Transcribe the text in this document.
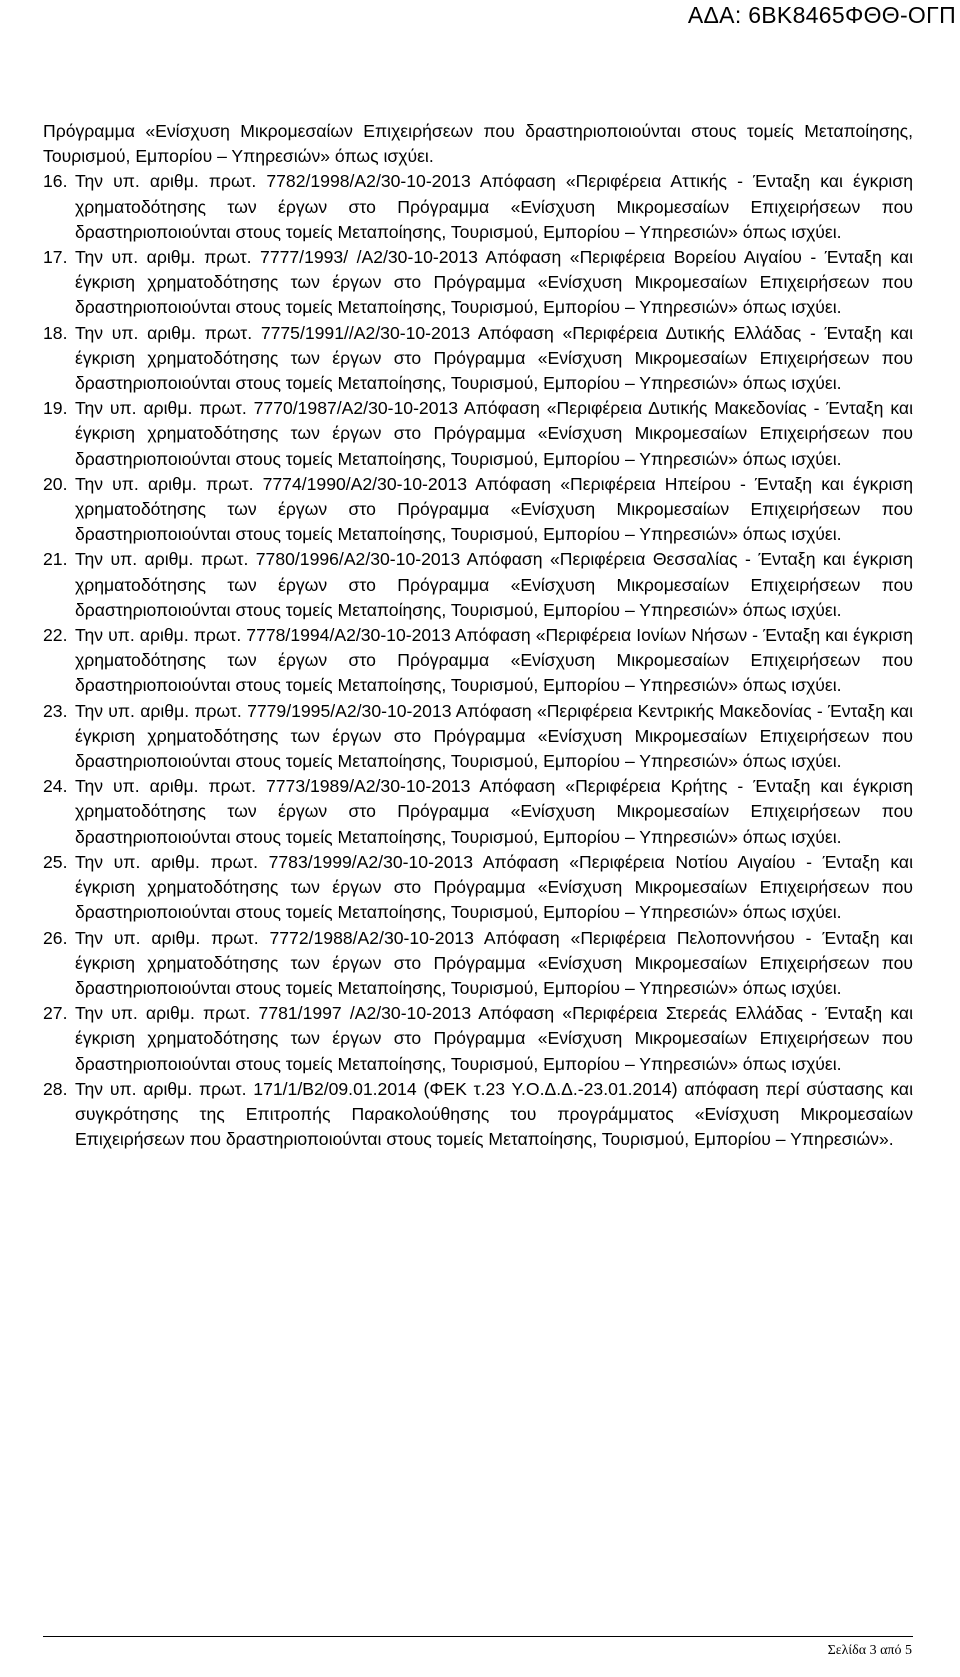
ΑΔΑ: 6ΒΚ8465ΦΘΘ-ΟΓΠ

Πρόγραμμα «Ενίσχυση Μικρομεσαίων Επιχειρήσεων που δραστηριοποιούνται στους τομείς Μεταποίησης, Τουρισμού, Εμπορίου – Υπηρεσιών» όπως ισχύει.

16. Την υπ. αριθμ. πρωτ. 7782/1998/Α2/30-10-2013 Απόφαση «Περιφέρεια Αττικής - Ένταξη και έγκριση χρηματοδότησης των έργων στο Πρόγραμμα «Ενίσχυση Μικρομεσαίων Επιχειρήσεων που δραστηριοποιούνται στους τομείς Μεταποίησης, Τουρισμού, Εμπορίου – Υπηρεσιών» όπως ισχύει.
17. Την υπ. αριθμ. πρωτ. 7777/1993/ /Α2/30-10-2013 Απόφαση «Περιφέρεια Βορείου Αιγαίου - Ένταξη και έγκριση χρηματοδότησης των έργων στο Πρόγραμμα «Ενίσχυση Μικρομεσαίων Επιχειρήσεων που δραστηριοποιούνται στους τομείς Μεταποίησης, Τουρισμού, Εμπορίου – Υπηρεσιών» όπως ισχύει.
18. Την υπ. αριθμ. πρωτ. 7775/1991//Α2/30-10-2013 Απόφαση «Περιφέρεια Δυτικής Ελλάδας - Ένταξη και έγκριση χρηματοδότησης των έργων στο Πρόγραμμα «Ενίσχυση Μικρομεσαίων Επιχειρήσεων που δραστηριοποιούνται στους τομείς Μεταποίησης, Τουρισμού, Εμπορίου – Υπηρεσιών» όπως ισχύει.
19. Την υπ. αριθμ. πρωτ. 7770/1987/Α2/30-10-2013 Απόφαση «Περιφέρεια Δυτικής Μακεδονίας - Ένταξη και έγκριση χρηματοδότησης των έργων στο Πρόγραμμα «Ενίσχυση Μικρομεσαίων Επιχειρήσεων που δραστηριοποιούνται στους τομείς Μεταποίησης, Τουρισμού, Εμπορίου – Υπηρεσιών» όπως ισχύει.
20. Την υπ. αριθμ. πρωτ. 7774/1990/Α2/30-10-2013 Απόφαση «Περιφέρεια Ηπείρου - Ένταξη και έγκριση χρηματοδότησης των έργων στο Πρόγραμμα «Ενίσχυση Μικρομεσαίων Επιχειρήσεων που δραστηριοποιούνται στους τομείς Μεταποίησης, Τουρισμού, Εμπορίου – Υπηρεσιών» όπως ισχύει.
21. Την υπ. αριθμ. πρωτ. 7780/1996/Α2/30-10-2013 Απόφαση «Περιφέρεια Θεσσαλίας - Ένταξη και έγκριση χρηματοδότησης των έργων στο Πρόγραμμα «Ενίσχυση Μικρομεσαίων Επιχειρήσεων που δραστηριοποιούνται στους τομείς Μεταποίησης, Τουρισμού, Εμπορίου – Υπηρεσιών» όπως ισχύει.
22. Την υπ. αριθμ. πρωτ. 7778/1994/Α2/30-10-2013 Απόφαση «Περιφέρεια Ιονίων Νήσων - Ένταξη και έγκριση χρηματοδότησης των έργων στο Πρόγραμμα «Ενίσχυση Μικρομεσαίων Επιχειρήσεων που δραστηριοποιούνται στους τομείς Μεταποίησης, Τουρισμού, Εμπορίου – Υπηρεσιών» όπως ισχύει.
23. Την υπ. αριθμ. πρωτ. 7779/1995/Α2/30-10-2013 Απόφαση «Περιφέρεια Κεντρικής Μακεδονίας - Ένταξη και έγκριση χρηματοδότησης των έργων στο Πρόγραμμα «Ενίσχυση Μικρομεσαίων Επιχειρήσεων που δραστηριοποιούνται στους τομείς Μεταποίησης, Τουρισμού, Εμπορίου – Υπηρεσιών» όπως ισχύει.
24. Την υπ. αριθμ. πρωτ. 7773/1989/Α2/30-10-2013 Απόφαση «Περιφέρεια Κρήτης - Ένταξη και έγκριση χρηματοδότησης των έργων στο Πρόγραμμα «Ενίσχυση Μικρομεσαίων Επιχειρήσεων που δραστηριοποιούνται στους τομείς Μεταποίησης, Τουρισμού, Εμπορίου – Υπηρεσιών» όπως ισχύει.
25. Την υπ. αριθμ. πρωτ. 7783/1999/Α2/30-10-2013 Απόφαση «Περιφέρεια Νοτίου Αιγαίου - Ένταξη και έγκριση χρηματοδότησης των έργων στο Πρόγραμμα «Ενίσχυση Μικρομεσαίων Επιχειρήσεων που δραστηριοποιούνται στους τομείς Μεταποίησης, Τουρισμού, Εμπορίου – Υπηρεσιών» όπως ισχύει.
26. Την υπ. αριθμ. πρωτ. 7772/1988/Α2/30-10-2013 Απόφαση «Περιφέρεια Πελοποννήσου - Ένταξη και έγκριση χρηματοδότησης των έργων στο Πρόγραμμα «Ενίσχυση Μικρομεσαίων Επιχειρήσεων που δραστηριοποιούνται στους τομείς Μεταποίησης, Τουρισμού, Εμπορίου – Υπηρεσιών» όπως ισχύει.
27. Την υπ. αριθμ. πρωτ. 7781/1997 /Α2/30-10-2013 Απόφαση «Περιφέρεια Στερεάς Ελλάδας - Ένταξη και έγκριση χρηματοδότησης των έργων στο Πρόγραμμα «Ενίσχυση Μικρομεσαίων Επιχειρήσεων που δραστηριοποιούνται στους τομείς Μεταποίησης, Τουρισμού, Εμπορίου – Υπηρεσιών» όπως ισχύει.
28. Την υπ. αριθμ. πρωτ. 171/1/Β2/09.01.2014 (ΦΕΚ τ.23 Υ.Ο.Δ.Δ.-23.01.2014) απόφαση περί σύστασης και συγκρότησης της Επιτροπής Παρακολούθησης του προγράμματος «Ενίσχυση Μικρομεσαίων Επιχειρήσεων που δραστηριοποιούνται στους τομείς Μεταποίησης, Τουρισμού, Εμπορίου – Υπηρεσιών».
Σελίδα 3 από 5
